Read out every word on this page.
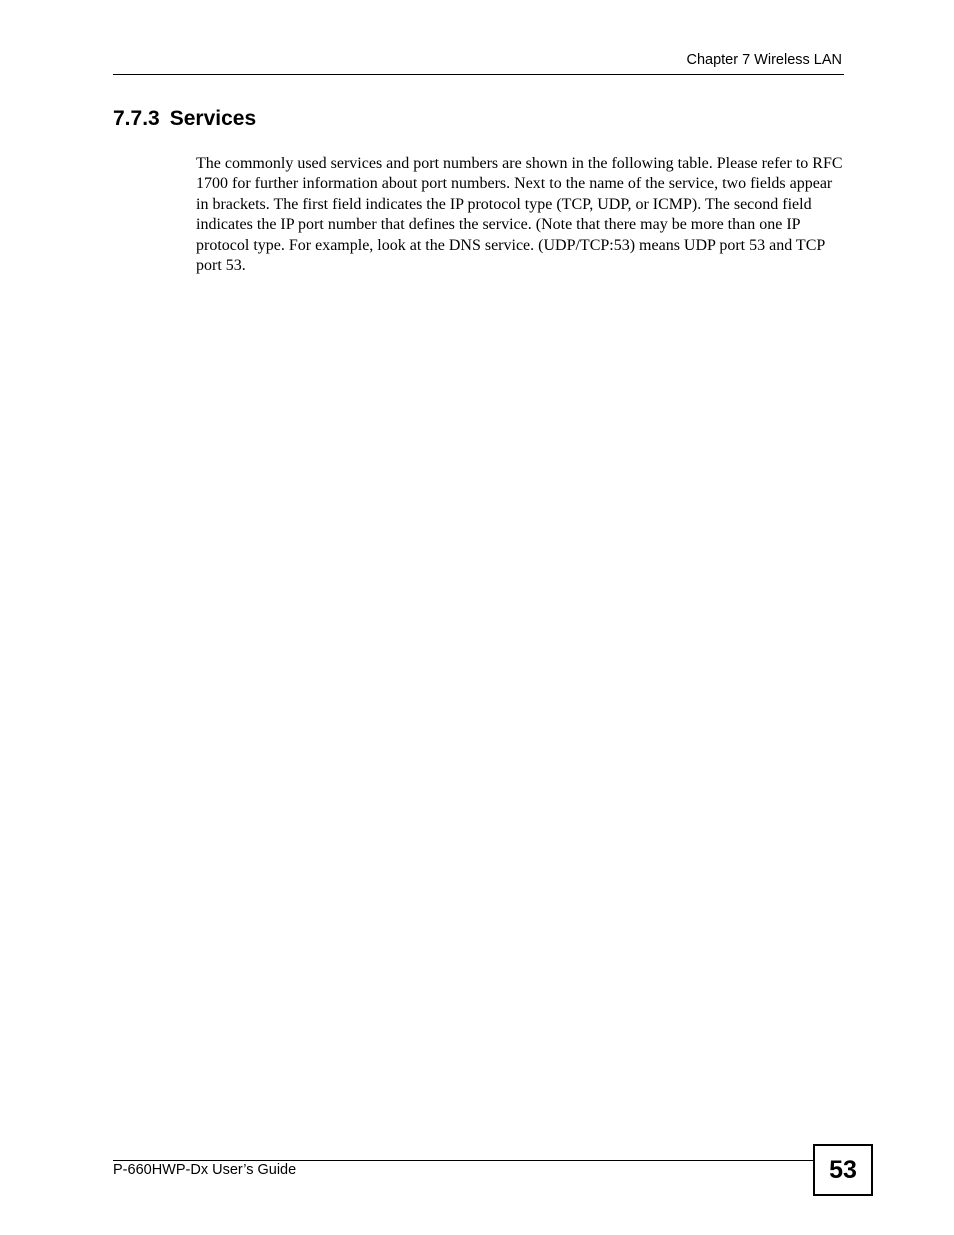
Chapter 7 Wireless LAN
7.7.3 Services

The commonly used services and port numbers are shown in the following table. Please refer to RFC 1700 for further information about port numbers. Next to the name of the service, two fields appear in brackets. The first field indicates the IP protocol type (TCP, UDP, or ICMP). The second field indicates the IP port number that defines the service. (Note that there may be more than one IP protocol type. For example, look at the DNS service. (UDP/TCP:53) means UDP port 53 and TCP port 53.

P-660HWP-Dx User’s Guide	53
